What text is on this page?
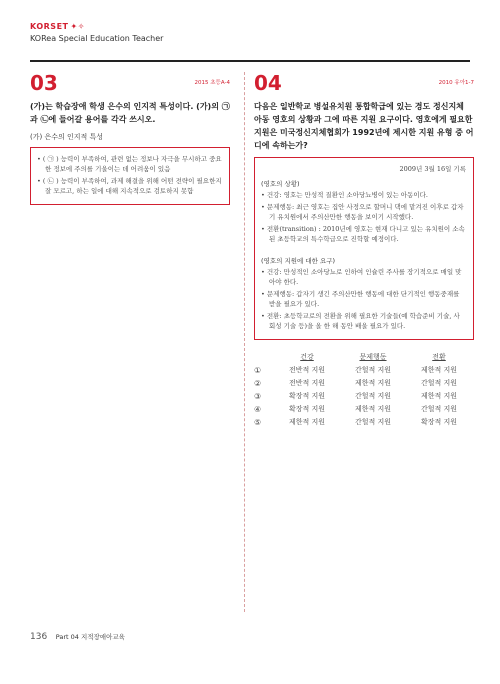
KORSET ✦✧
KORea Special Education Teacher
03	2015 초등A-4
(가)는 학습장애 학생 은수의 인지적 특성이다. (가)의 ㉠과 ㉡에 들어갈 용어를 각각 쓰시오.
(가) 은수의 인지적 특성

• ( ㉠ ) 능력이 부족하여, 관련 없는 정보나 자극을 무시하고 중요한 정보에 주의를 기울이는 데 어려움이 있음

• ( ㉡ ) 능력이 부족하여, 과제 해결을 위해 어떤 전략이 필요한지 잘 모르고, 하는 일에 대해 지속적으로 검토하지 못함

04	2010 유아1-7
다음은 일반학교 병설유치원 통합학급에 있는 경도 정신지체 아동 영호의 상황과 그에 따른 지원 요구이다. 영호에게 필요한 지원은 미국정신지체협회가 1992년에 제시한 지원 유형 중 어디에 속하는가?
2009년 3월 16일 기록
(영호의 상황)

• 건강: 영호는 만성적 질환인 소아당뇨병이 있는 아동이다.

• 문제행동: 최근 영호는 집안 사정으로 할머니 댁에 맡겨진 이후로 갑자기 유치원에서 주의산만한 행동을 보이기 시작했다.

• 전환(transition) : 2010년에 영호는 현재 다니고 있는 유치원이 소속된 초등학교의 특수학급으로 진학할 예정이다.

(영호의 지원에 대한 요구)

• 건강: 만성적인 소아당뇨로 인하여 인슐린 주사를 장기적으로 매일 맞아야 한다.

• 문제행동: 갑자기 생긴 주의산만한 행동에 대한 단기적인 행동중재를 받을 필요가 있다.

• 전환: 초등학교로의 전환을 위해 필요한 기술들(예 학습준비 기술, 사회성 기술 등)을 올 한 해 동안 배울 필요가 있다.

건강	문제행동	전환
①	전반적 지원	간헐적 지원	제한적 지원
②	전반적 지원	제한적 지원	간헐적 지원
③	확장적 지원	간헐적 지원	제한적 지원
④	확장적 지원	제한적 지원	간헐적 지원
⑤	제한적 지원	간헐적 지원	확장적 지원
136 Part 04 지적장애아교육
